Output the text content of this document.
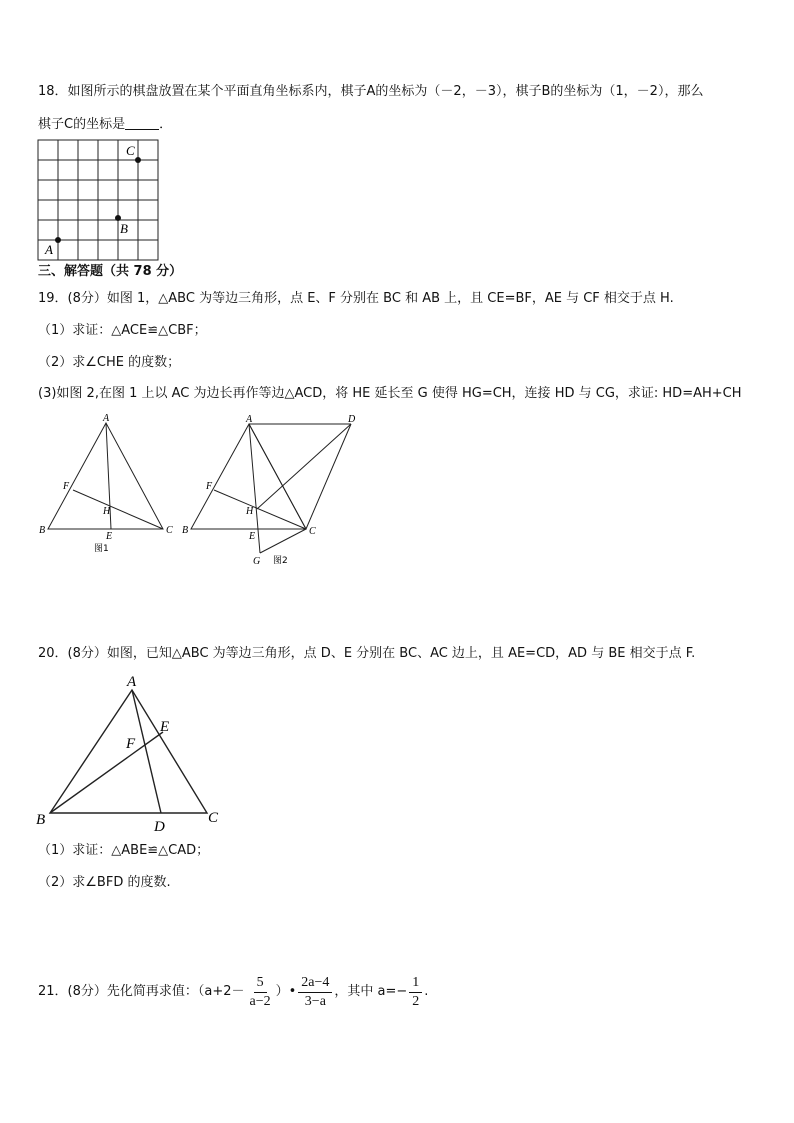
18．如图所示的棋盘放置在某个平面直角坐标系内，棋子A的坐标为（－2，－3），棋子B的坐标为（1，－2），那么
棋子C的坐标是	．
C
B
A
三、解答题（共 78 分）
19．(8分）如图 1，△ABC 为等边三角形，点 E、F 分别在 BC 和 AB 上，且 CE=BF，AE 与 CF 相交于点 H.
（1）求证：△ACE≌△CBF；
（2）求∠CHE 的度数；
(3)如图 2,在图 1 上以 AC 为边长再作等边△ACD，将 HE 延长至 G 使得 HG=CH，连接 HD 与 CG，求证: HD=AH+CH
A
F
H
B
E
C
图1
A	D
F
H
B	C
E
G 图2
20．(8分）如图，已知△ABC 为等边三角形，点 D、E 分别在 BC、AC 边上，且 AE=CD，AD 与 BE 相交于点 F.
A
E
F
B	D
C
（1）求证：△ABE≌△CAD；
（2）求∠BFD 的度数.
21．(8分）先化简再求值：（$a+2- \frac{5}{a-2}$ ）• $\frac{2a-4}{3-a}$ ，其中 $a=- \frac{1}{2}$ .
